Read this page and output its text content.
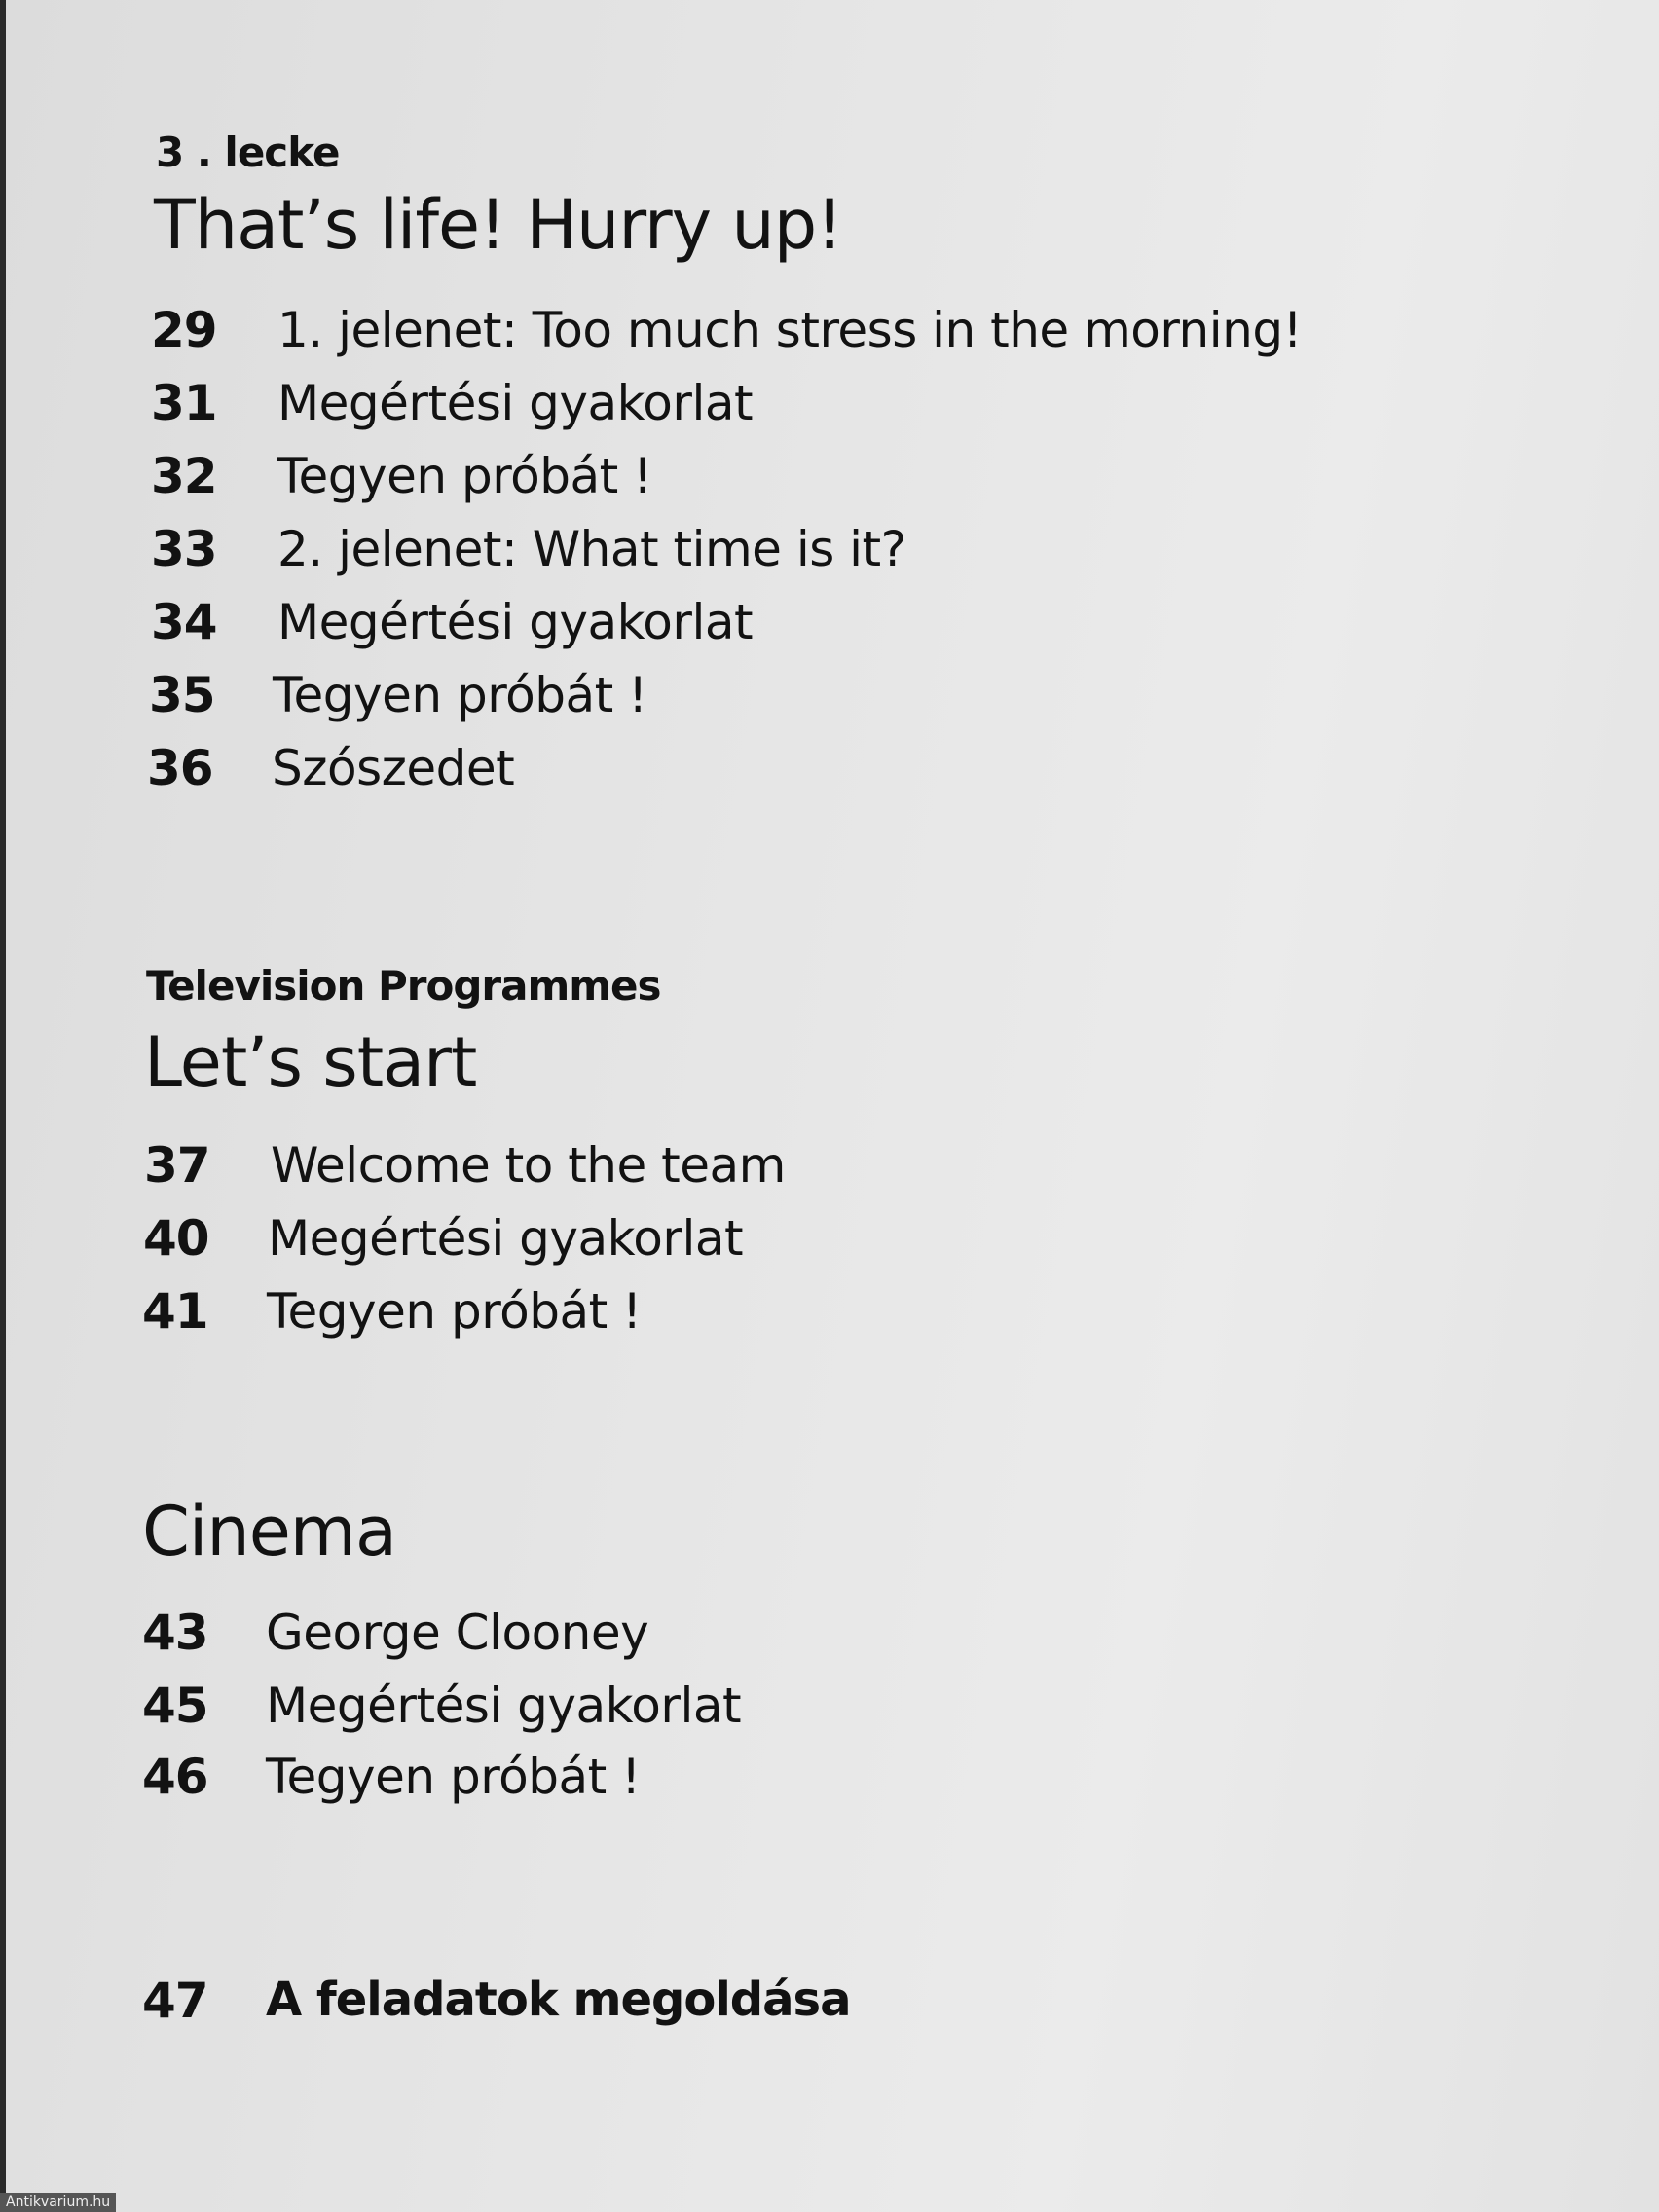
3 . lecke
That’s life! Hurry up!
29 1. jelenet: Too much stress in the morning!
31 Megértési gyakorlat
32 Tegyen próbát !
33 2. jelenet: What time is it?
34 Megértési gyakorlat
35 Tegyen próbát !
36 Szószedet
Television Programmes
Let’s start
37 Welcome to the team
40 Megértési gyakorlat
41 Tegyen próbát !
Cinema
43 George Clooney
45 Megértési gyakorlat
46 Tegyen próbát !
47 A feladatok megoldása
Antikvarium.hu
